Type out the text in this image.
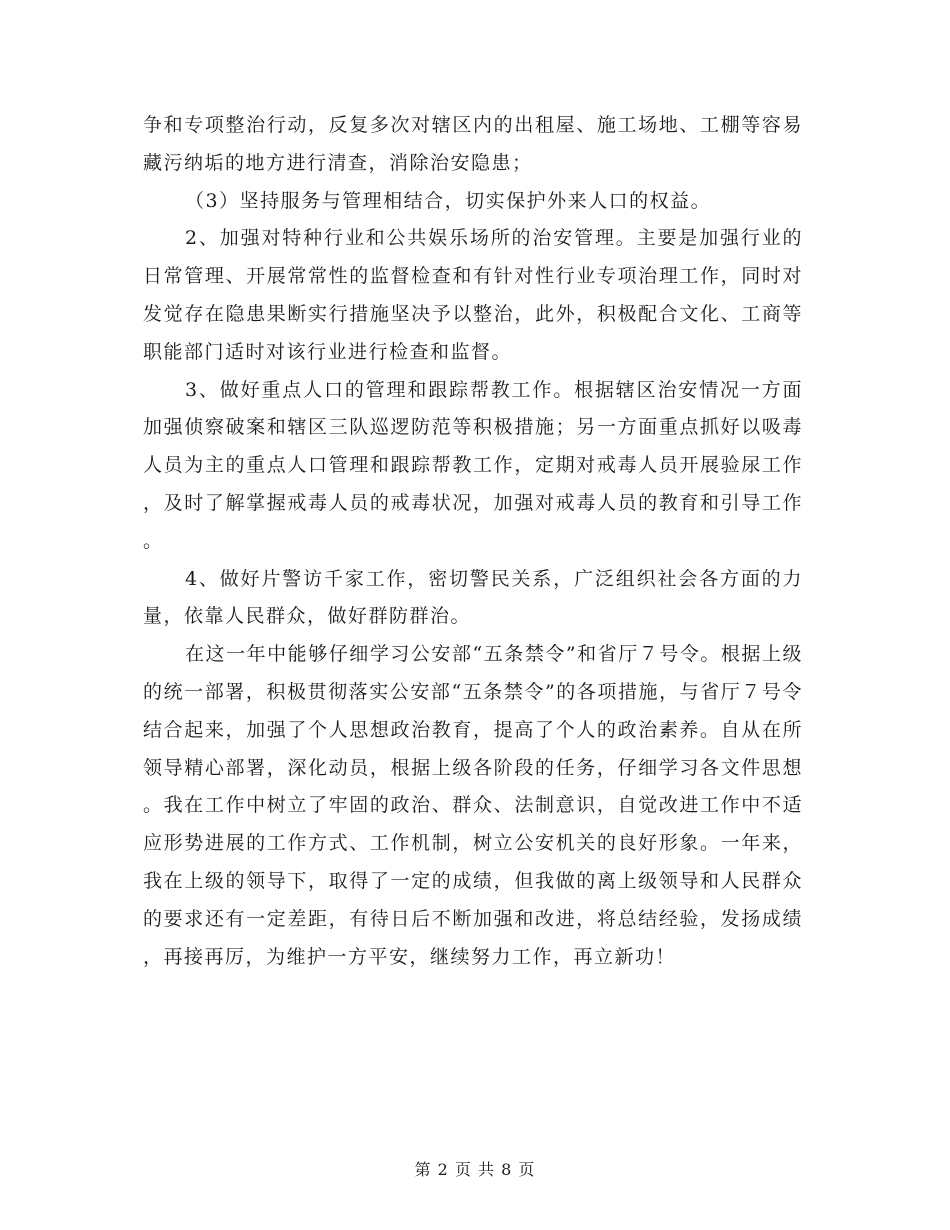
争和专项整治行动，反复多次对辖区内的出租屋、施工场地、工棚等容易藏污纳垢的地方进行清查，消除治安隐患；

（3）坚持服务与管理相结合，切实保护外来人口的权益。

2、加强对特种行业和公共娱乐场所的治安管理。主要是加强行业的日常管理、开展常常性的监督检查和有针对性行业专项治理工作，同时对发觉存在隐患果断实行措施坚决予以整治，此外，积极配合文化、工商等职能部门适时对该行业进行检查和监督。

3、做好重点人口的管理和跟踪帮教工作。根据辖区治安情况一方面加强侦察破案和辖区三队巡逻防范等积极措施；另一方面重点抓好以吸毒人员为主的重点人口管理和跟踪帮教工作，定期对戒毒人员开展验尿工作，及时了解掌握戒毒人员的戒毒状况，加强对戒毒人员的教育和引导工作。

4、做好片警访千家工作，密切警民关系，广泛组织社会各方面的力量，依靠人民群众，做好群防群治。

在这一年中能够仔细学习公安部“五条禁令”和省厅７号令。根据上级的统一部署，积极贯彻落实公安部“五条禁令”的各项措施，与省厅７号令结合起来，加强了个人思想政治教育，提高了个人的政治素养。自从在所领导精心部署，深化动员，根据上级各阶段的任务，仔细学习各文件思想。我在工作中树立了牢固的政治、群众、法制意识，自觉改进工作中不适应形势进展的工作方式、工作机制，树立公安机关的良好形象。一年来，我在上级的领导下，取得了一定的成绩，但我做的离上级领导和人民群众的要求还有一定差距，有待日后不断加强和改进，将总结经验，发扬成绩，再接再厉，为维护一方平安，继续努力工作，再立新功！

第 2 页 共 8 页
